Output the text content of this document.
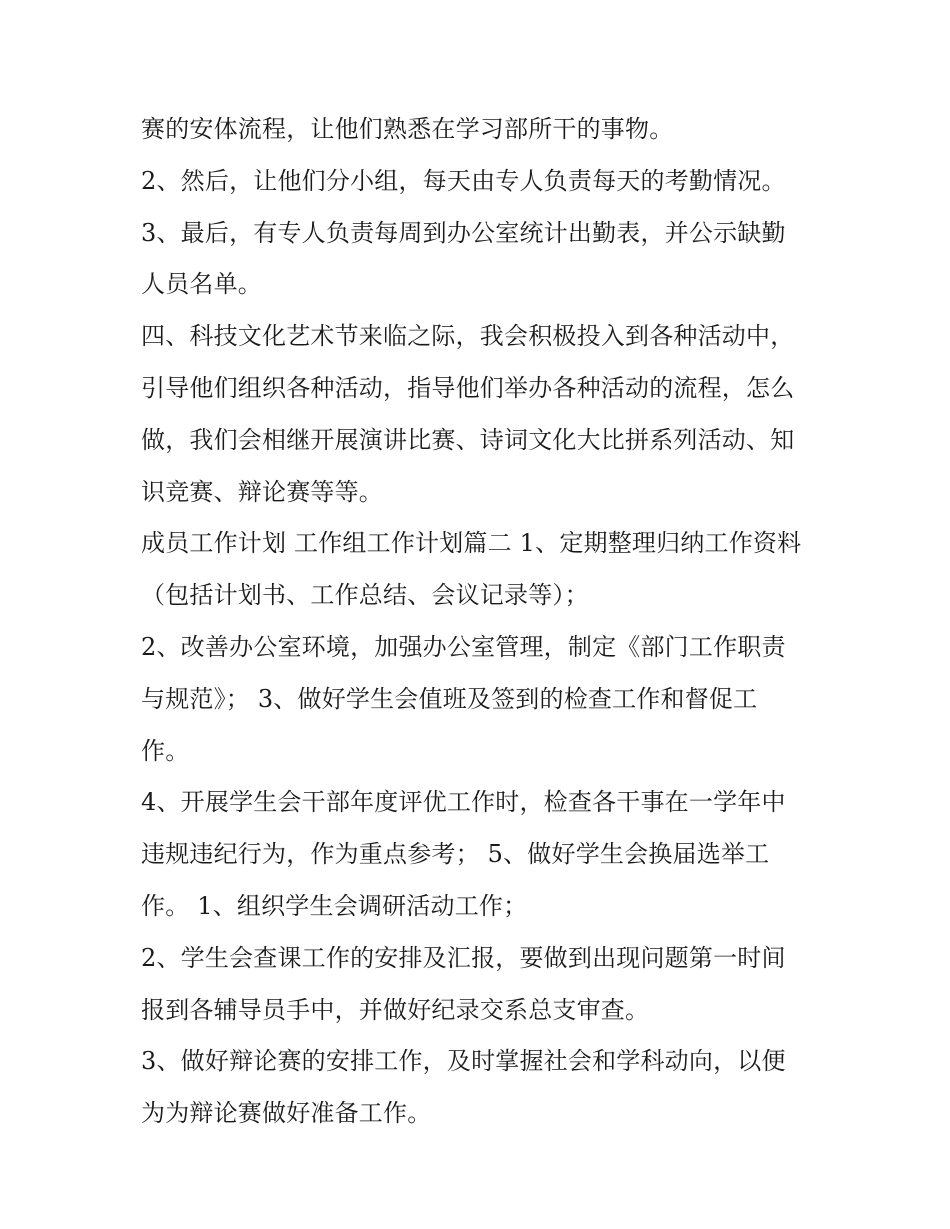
赛的安体流程，让他们熟悉在学习部所干的事物。
2、然后，让他们分小组，每天由专人负责每天的考勤情况。
3、最后，有专人负责每周到办公室统计出勤表，并公示缺勤
人员名单。
四、科技文化艺术节来临之际，我会积极投入到各种活动中，
引导他们组织各种活动，指导他们举办各种活动的流程，怎么
做，我们会相继开展演讲比赛、诗词文化大比拼系列活动、知
识竞赛、辩论赛等等。
成员工作计划 工作组工作计划篇二 1、定期整理归纳工作资料
（包括计划书、工作总结、会议记录等）；
2、改善办公室环境，加强办公室管理，制定《部门工作职责
与规范》； 3、做好学生会值班及签到的检查工作和督促工
作。
4、开展学生会干部年度评优工作时，检查各干事在一学年中
违规违纪行为，作为重点参考； 5、做好学生会换届选举工
作。 1、组织学生会调研活动工作；
2、学生会查课工作的安排及汇报，要做到出现问题第一时间
报到各辅导员手中，并做好纪录交系总支审查。
3、做好辩论赛的安排工作，及时掌握社会和学科动向，以便
为为辩论赛做好准备工作。
